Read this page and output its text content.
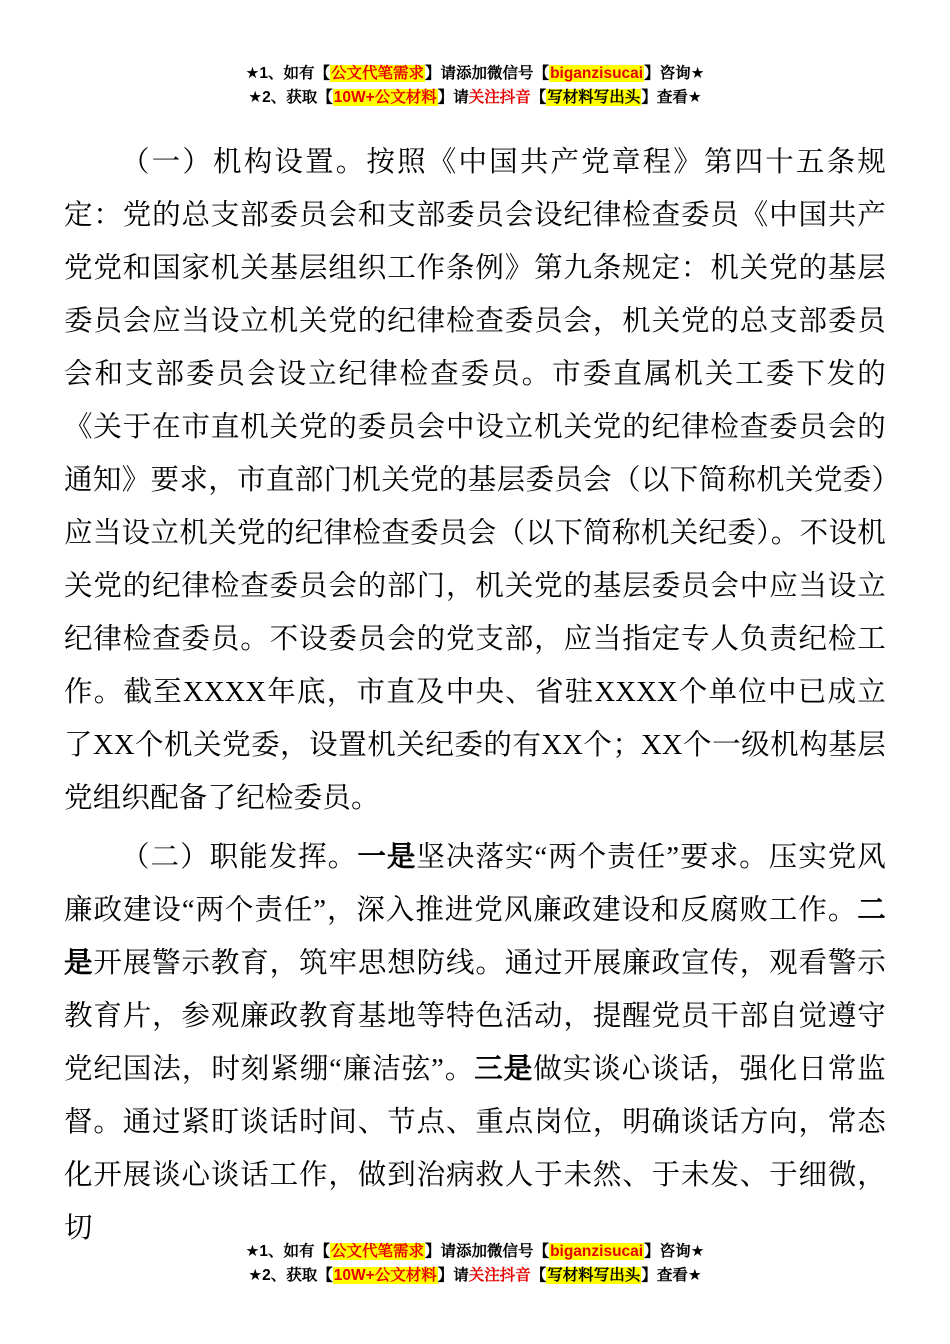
★1、如有【公文代笔需求】请添加微信号【biganzisucai】咨询★
★2、获取【10W+公文材料】请关注抖音【写材料写出头】查看★

（一）机构设置。按照《中国共产党章程》第四十五条规定：党的总支部委员会和支部委员会设纪律检查委员《中国共产党党和国家机关基层组织工作条例》第九条规定：机关党的基层委员会应当设立机关党的纪律检查委员会，机关党的总支部委员会和支部委员会设立纪律检查委员。市委直属机关工委下发的《关于在市直机关党的委员会中设立机关党的纪律检查委员会的通知》要求，市直部门机关党的基层委员会（以下简称机关党委）应当设立机关党的纪律检查委员会（以下简称机关纪委）。不设机关党的纪律检查委员会的部门，机关党的基层委员会中应当设立纪律检查委员。不设委员会的党支部，应当指定专人负责纪检工作。截至XXXX年底，市直及中央、省驻XXXX个单位中已成立了XX个机关党委，设置机关纪委的有XX个；XX个一级机构基层党组织配备了纪检委员。

（二）职能发挥。一是坚决落实“两个责任”要求。压实党风廉政建设“两个责任”，深入推进党风廉政建设和反腐败工作。二是开展警示教育，筑牢思想防线。通过开展廉政宣传，观看警示教育片，参观廉政教育基地等特色活动，提醒党员干部自觉遵守党纪国法，时刻紧绷“廉洁弦”。三是做实谈心谈话，强化日常监督。通过紧盯谈话时间、节点、重点岗位，明确谈话方向，常态化开展谈心谈话工作，做到治病救人于未然、于未发、于细微，切

★1、如有【公文代笔需求】请添加微信号【biganzisucai】咨询★
★2、获取【10W+公文材料】请关注抖音【写材料写出头】查看★
